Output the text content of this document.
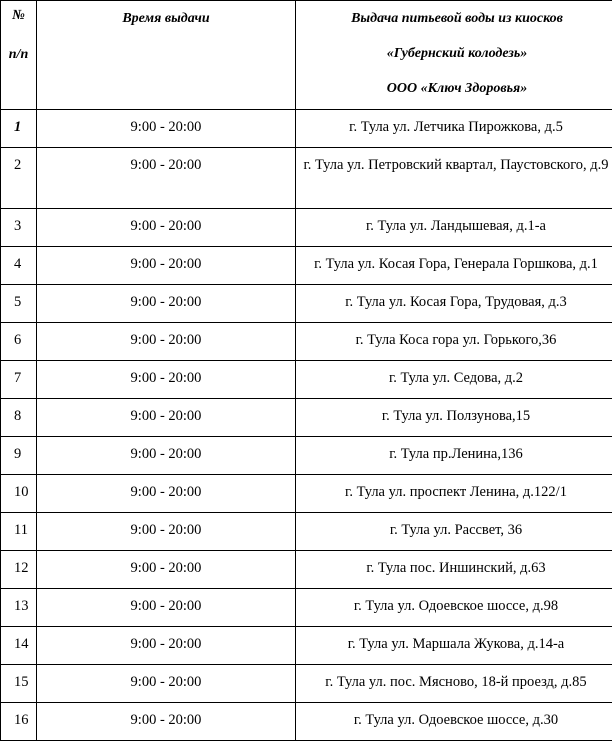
№
п/п	Время выдачи	Выдача питьевой воды из киосков
«Губернский колодезь»
ООО «Ключ Здоровья»

1	9:00 - 20:00	г. Тула ул. Летчика Пирожкова, д.5
2	9:00 - 20:00	г. Тула ул. Петровский квартал, Паустовского, д.9
3	9:00 - 20:00	г. Тула ул. Ландышевая, д.1-а
4	9:00 - 20:00	г. Тула ул. Косая Гора, Генерала Горшкова, д.1
5	9:00 - 20:00	г. Тула ул. Косая Гора, Трудовая, д.3
6	9:00 - 20:00	г. Тула Коса гора ул. Горького,36
7	9:00 - 20:00	г. Тула ул. Седова, д.2
8	9:00 - 20:00	г. Тула ул. Ползунова,15
9	9:00 - 20:00	г. Тула пр.Ленина,136
10	9:00 - 20:00	г. Тула ул. проспект Ленина, д.122/1
11	9:00 - 20:00	г. Тула ул. Рассвет, 36
12	9:00 - 20:00	г. Тула пос. Иншинский, д.63
13	9:00 - 20:00	г. Тула ул. Одоевское шоссе, д.98
14	9:00 - 20:00	г. Тула ул. Маршала Жукова, д.14-а
15	9:00 - 20:00	г. Тула ул. пос. Мясново, 18-й проезд, д.85
16	9:00 - 20:00	г. Тула ул. Одоевское шоссе, д.30
